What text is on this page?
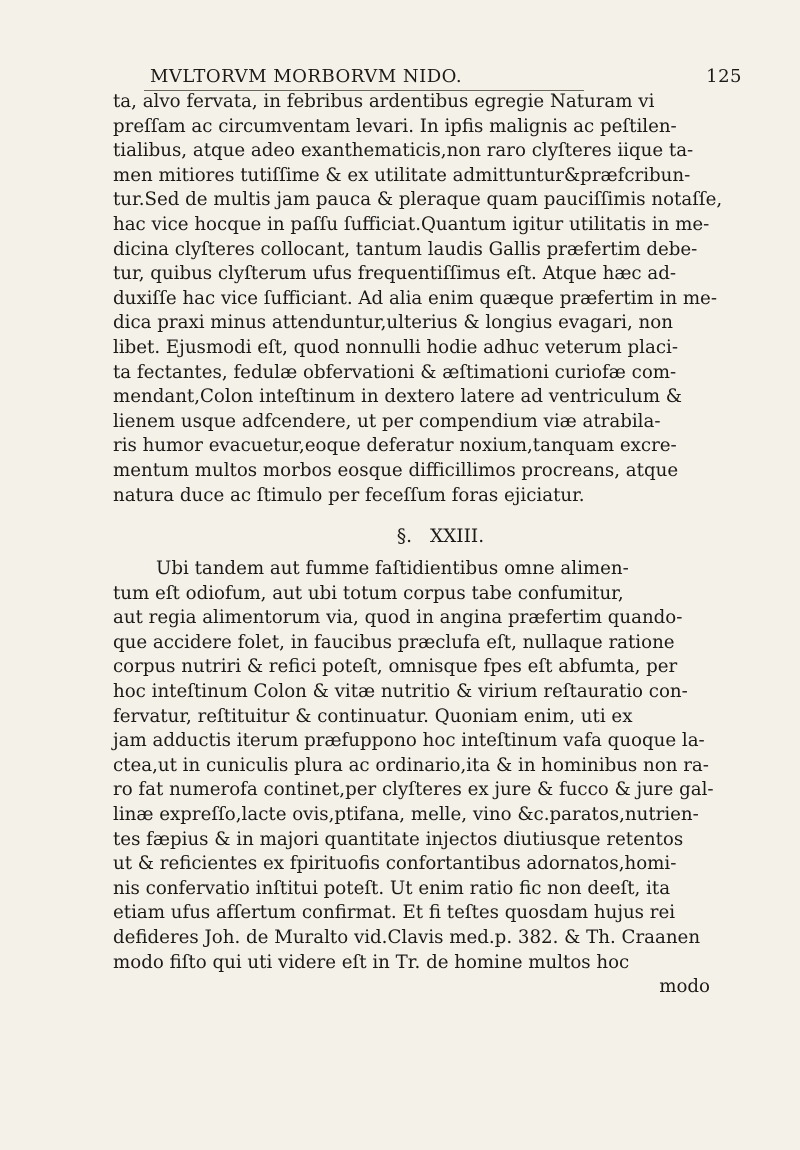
MVLTORVM MORBORVM NIDO.	125
ta, alvo fervata, in febribus ardentibus egregie Naturam vi
preſſam ac circumventam levari. In ipfis malignis ac peſtilen-
tialibus, atque adeo exanthematicis,non raro clyſteres iique ta-
men mitiores tutiſſime & ex utilitate admittuntur&præfcribun-
tur.Sed de multis jam pauca & pleraque quam pauciſſimis notaſſe,
hac vice hocque in paſſu ſufficiat.Quantum igitur utilitatis in me-
dicina clyſteres collocant, tantum laudis Gallis præfertim debe-
tur, quibus clyſterum ufus frequentiſſimus eſt. Atque hæc ad-
duxiſſe hac vice ſufficiant. Ad alia enim quæque præfertim in me-
dica praxi minus attenduntur,ulterius & longius evagari, non
libet. Ejusmodi eſt, quod nonnulli hodie adhuc veterum placi-
ta fectantes, fedulæ obfervationi & æſtimationi curiofæ com-
mendant,Colon inteſtinum in dextero latere ad ventriculum &
lienem usque adfcendere, ut per compendium viæ atrabila-
ris humor evacuetur,eoque deferatur noxium,tanquam excre-
mentum multos morbos eosque difficillimos procreans, atque
natura duce ac ſtimulo per feceſſum foras ejiciatur.
§. XXIII.
Ubi tandem aut fumme faſtidientibus omne alimen-
tum eſt odiofum, aut ubi totum corpus tabe confumitur,
aut regia alimentorum via, quod in angina præfertim quando-
que accidere folet, in faucibus præclufa eſt, nullaque ratione
corpus nutriri & refici poteſt, omnisque fpes eſt abfumta, per
hoc inteſtinum Colon & vitæ nutritio & virium reſtauratio con-
fervatur, reſtituitur & continuatur. Quoniam enim, uti ex
jam adductis iterum præfuppono hoc inteſtinum vafa quoque la-
ctea,ut in cuniculis plura ac ordinario,ita & in hominibus non ra-
ro fat numerofa continet,per clyſteres ex jure & fucco & jure gal-
linæ expreſſo,lacte ovis,ptifana, melle, vino &c.paratos,nutrien-
tes fæpius & in majori quantitate injectos diutiusque retentos
ut & reficientes ex fpirituofis confortantibus adornatos,homi-
nis confervatio inſtitui poteſt. Ut enim ratio fic non deeſt, ita
etiam ufus afſertum confirmat. Et fi teſtes quosdam hujus rei
defideres Joh. de Muralto vid.Clavis med.p. 382. & Th. Craanen
modo fiſto qui uti videre eſt in Tr. de homine multos hoc
modo
